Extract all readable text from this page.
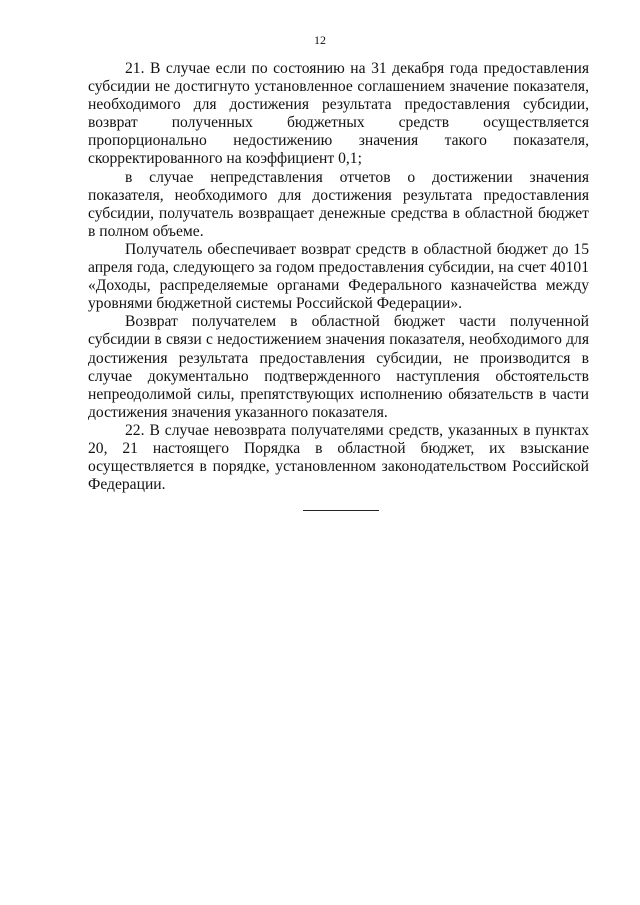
12

21. В случае если по состоянию на 31 декабря года предоставления субсидии не достигнуто установленное соглашением значение показателя, необходимого для достижения результата предоставления субсидии, возврат полученных бюджетных средств осуществляется пропорционально недостижению значения такого показателя, скорректированного на коэффициент 0,1;

в случае непредставления отчетов о достижении значения показателя, необходимого для достижения результата предоставления субсидии, получатель возвращает денежные средства в областной бюджет в полном объеме.

Получатель обеспечивает возврат средств в областной бюджет до 15 апреля года, следующего за годом предоставления субсидии, на счет 40101 «Доходы, распределяемые органами Федерального казначейства между уровнями бюджетной системы Российской Федерации».

Возврат получателем в областной бюджет части полученной субсидии в связи с недостижением значения показателя, необходимого для достижения результата предоставления субсидии, не производится в случае документально подтвержденного наступления обстоятельств непреодолимой силы, препятствующих исполнению обязательств в части достижения значения указанного показателя.

22. В случае невозврата получателями средств, указанных в пунктах 20, 21 настоящего Порядка в областной бюджет, их взыскание осуществляется в порядке, установленном законодательством Российской Федерации.
